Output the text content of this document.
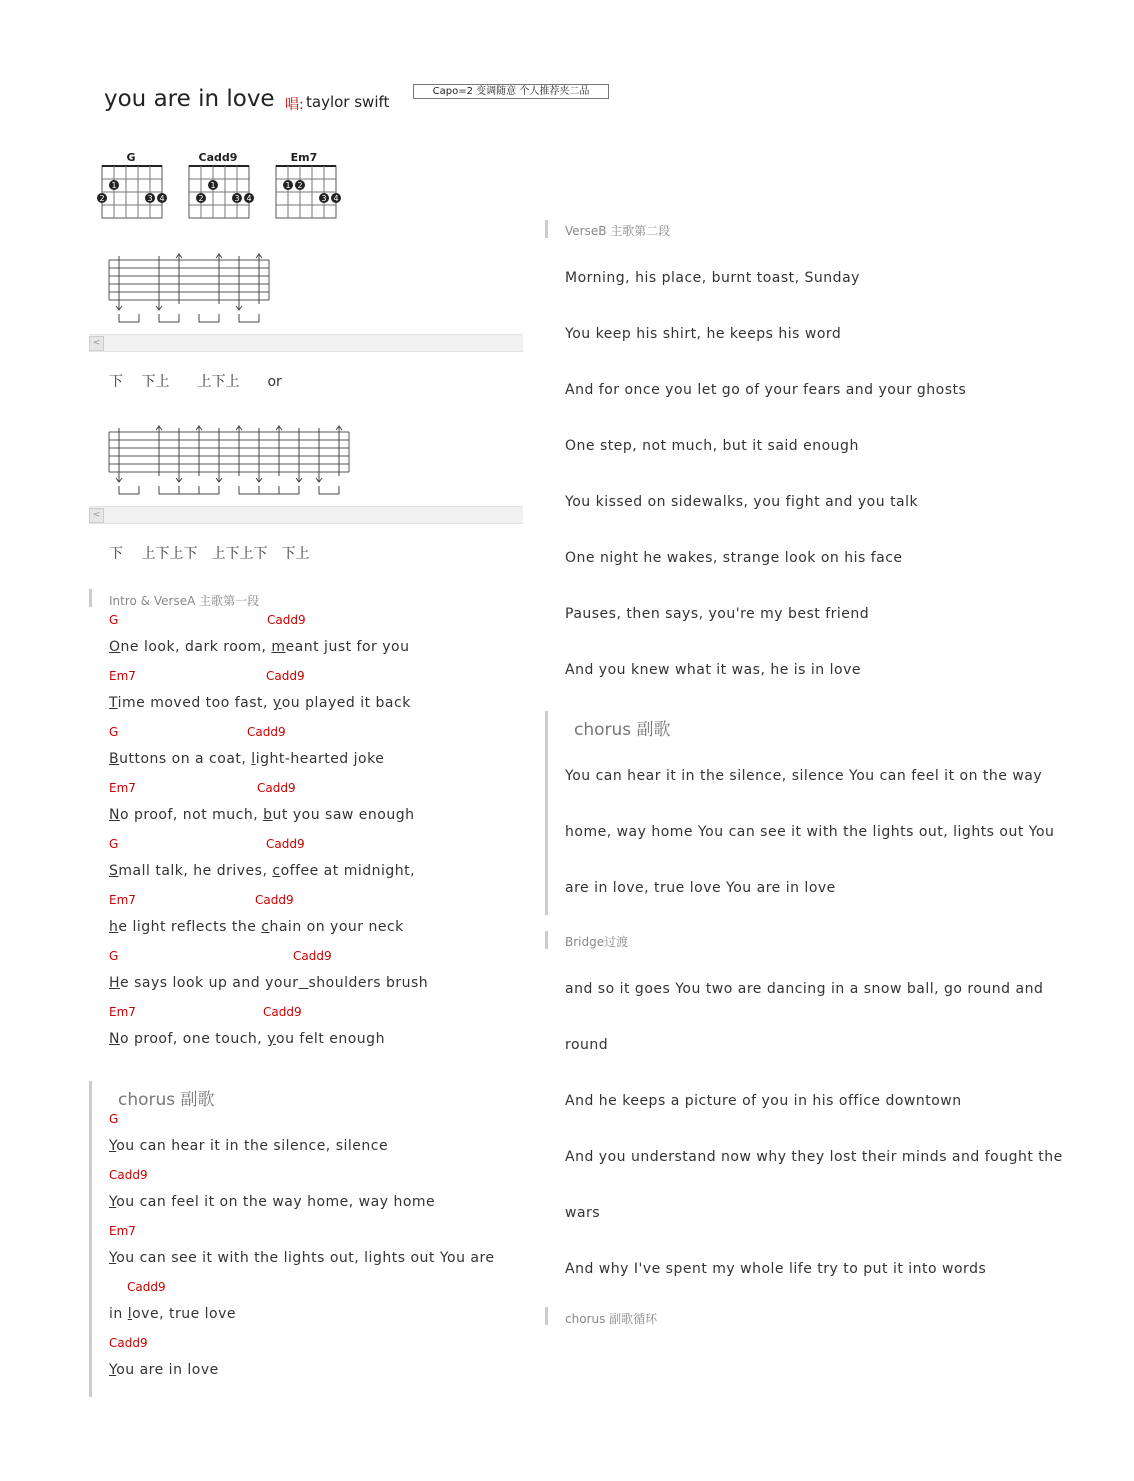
you are in love 唱: taylor swift
Capo=2 变调随意 个人推荐夹二品
G	Cadd9	Em7
1
2	3 4
1
2	3 4
1 2
3 4
<
下　 下上　　上下上　　or
<
下　 上下上下　上下上下　下上
Intro & VerseA 主歌第一段
G	Cadd9
One look, dark room, meant just for you
Em7	Cadd9
Time moved too fast, you played it back
G	Cadd9
Buttons on a coat, light-hearted joke
Em7	Cadd9
No proof, not much, but you saw enough
G	Cadd9
Small talk, he drives, coffee at midnight,
Em7	Cadd9
he light reflects the chain on your neck
G	Cadd9
He says look up and your shoulders brush
Em7	Cadd9
No proof, one touch, you felt enough
chorus 副歌
G
You can hear it in the silence, silence
Cadd9
You can feel it on the way home, way home
Em7
You can see it with the lights out, lights out You are
Cadd9
in love, true love
Cadd9
You are in love
VerseB 主歌第二段
Morning, his place, burnt toast, Sunday
You keep his shirt, he keeps his word
And for once you let go of your fears and your ghosts
One step, not much, but it said enough
You kissed on sidewalks, you fight and you talk
One night he wakes, strange look on his face
Pauses, then says, you're my best friend
And you knew what it was, he is in love
chorus 副歌
You can hear it in the silence, silence You can feel it on the way
home, way home You can see it with the lights out, lights out You
are in love, true love You are in love
Bridge过渡
and so it goes You two are dancing in a snow ball, go round and
round
And he keeps a picture of you in his office downtown
And you understand now why they lost their minds and fought the
wars
And why I've spent my whole life try to put it into words
chorus 副歌循环
